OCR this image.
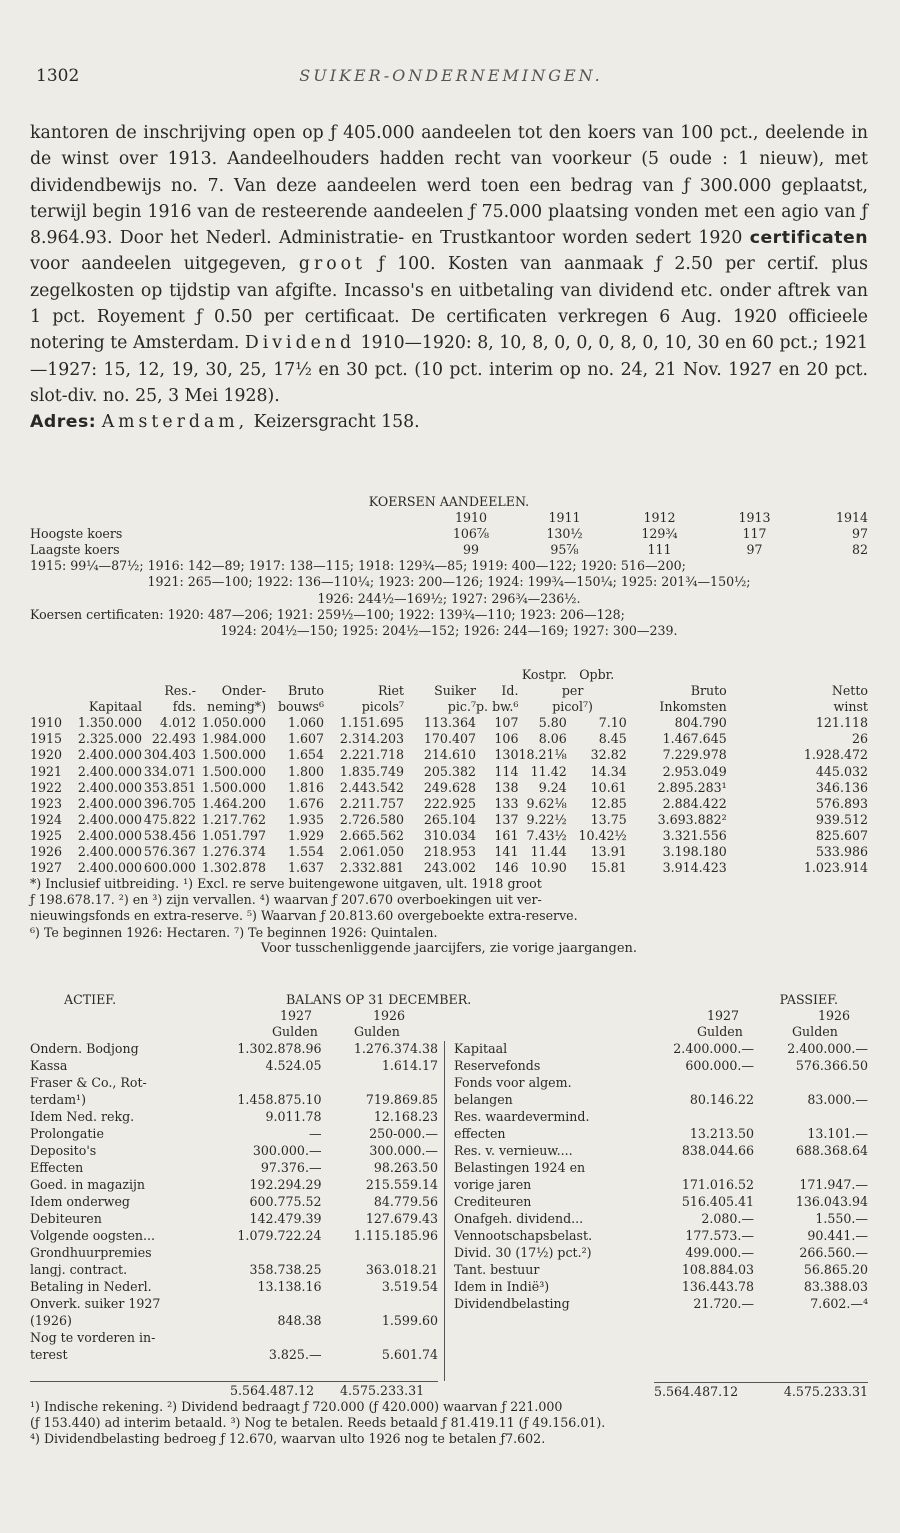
1302	SUIKER-ONDERNEMINGEN.
kantoren de inschrijving open op ƒ 405.000 aandeelen tot den koers van 100 pct., deelende in de winst over 1913. Aandeelhouders hadden recht van voorkeur (5 oude : 1 nieuw), met dividendbewijs no. 7. Van deze aandeelen werd toen een bedrag van ƒ 300.000 geplaatst, terwijl begin 1916 van de resteerende aandeelen ƒ 75.000 plaatsing vonden met een agio van ƒ 8.964.93. Door het Nederl. Administratie- en Trustkantoor worden sedert 1920 certificaten voor aandeelen uitgegeven, groot ƒ 100. Kosten van aanmaak ƒ 2.50 per certif. plus zegelkosten op tijdstip van afgifte. Incasso's en uitbetaling van dividend etc. onder aftrek van 1 pct. Royement ƒ 0.50 per certificaat. De certificaten verkregen 6 Aug. 1920 officieele notering te Amsterdam. Dividend 1910—1920: 8, 10, 8, 0, 0, 0, 8, 0, 10, 30 en 60 pct.; 1921—1927: 15, 12, 19, 30, 25, 17½ en 30 pct. (10 pct. interim op no. 24, 21 Nov. 1927 en 20 pct. slot-div. no. 25, 3 Mei 1928).
Adres: Amsterdam, Keizersgracht 158.
KOERSEN AANDEELEN.
	1910	1911	1912	1913	1914
Hoogste koers	106⅞	130½	129¾	117	97
Laagste koers	99	95⅞	111	97	82
1915: 99¼—87½; 1916: 142—89; 1917: 138—115; 1918: 129¾—85; 1919: 400—122; 1920: 516—200;
1921: 265—100; 1922: 136—110¼; 1923: 200—126; 1924: 199¾—150¼; 1925: 201¾—150½;
1926: 244½—169½; 1927: 296¾—236½.
Koersen certificaten: 1920: 487—206; 1921: 259½—100; 1922: 139¾—110; 1923: 206—128;
1924: 204½—150; 1925: 204½—152; 1926: 244—169; 1927: 300—239.
							Kostpr.		Opbr.		
		Res.-	Onder-	Bruto	Riet	Suiker	Id.	per		Bruto	Netto
	Kapitaal	fds.	neming*)	bouws⁶	picols⁷	pic.⁷	p. bw.⁶	picol⁷)		Inkomsten	winst
1910	1.350.000	4.012	1.050.000	1.060	1.151.695	113.364	107	5.80	7.10	804.790	121.118
1915	2.325.000	22.493	1.984.000	1.607	2.314.203	170.407	106	8.06	8.45	1.467.645	26
1920	2.400.000	304.403	1.500.000	1.654	2.221.718	214.610	130	18.21⅛	32.82	7.229.978	1.928.472
1921	2.400.000	334.071	1.500.000	1.800	1.835.749	205.382	114	11.42	14.34	2.953.049	445.032
1922	2.400.000	353.851	1.500.000	1.816	2.443.542	249.628	138	9.24	10.61	2.895.283¹	346.136
1923	2.400.000	396.705	1.464.200	1.676	2.211.757	222.925	133	9.62⅛	12.85	2.884.422	576.893
1924	2.400.000	475.822	1.217.762	1.935	2.726.580	265.104	137	9.22½	13.75	3.693.882²	939.512
1925	2.400.000	538.456	1.051.797	1.929	2.665.562	310.034	161	7.43½	10.42½	3.321.556	825.607
1926	2.400.000	576.367	1.276.374	1.554	2.061.050	218.953	141	11.44	13.91	3.198.180	533.986
1927	2.400.000	600.000	1.302.878	1.637	2.332.881	243.002	146	10.90	15.81	3.914.423	1.023.914
*) Inclusief uitbreiding. ¹) Excl. re serve buitengewone uitgaven, ult. 1918 groot
ƒ 198.678.17. ²) en ³) zijn vervallen. ⁴) waarvan ƒ 207.670 overboekingen uit ver-
nieuwingsfonds en extra-reserve. ⁵) Waarvan ƒ 20.813.60 overgeboekte extra-reserve.
⁶) Te beginnen 1926: Hectaren. ⁷) Te beginnen 1926: Quintalen.
Voor tusschenliggende jaarcijfers, zie vorige jaargangen.
ACTIEF.	BALANS OP 31 DECEMBER.	PASSIEF.
1927	1926	1927	1926
Gulden	Gulden	Gulden	Gulden
Ondern. Bodjong	1.302.878.96	1.276.374.38
Kassa	4.524.05	1.614.17
Fraser & Co., Rot-		
terdam¹)	1.458.875.10	719.869.85
Idem Ned. rekg.	9.011.78	12.168.23
Prolongatie	—	250-000.—
Deposito's	300.000.—	300.000.—
Effecten	97.376.—	98.263.50
Goed. in magazijn	192.294.29	215.559.14
Idem onderweg	600.775.52	84.779.56
Debiteuren	142.479.39	127.679.43
Volgende oogsten...	1.079.722.24	1.115.185.96
Grondhuurpremies		
langj. contract.	358.738.25	363.018.21
Betaling in Nederl.	13.138.16	3.519.54
Onverk. suiker 1927		
(1926)	848.38	1.599.60
Nog te vorderen in-		
terest	3.825.—	5.601.74
Kapitaal	2.400.000.—	2.400.000.—
Reservefonds	600.000.—	576.366.50
Fonds voor algem.		
belangen	80.146.22	83.000.—
Res. waardevermind.		
effecten	13.213.50	13.101.—
Res. v. vernieuw....	838.044.66	688.368.64
Belastingen 1924 en		
vorige jaren	171.016.52	171.947.—
Crediteuren	516.405.41	136.043.94
Onafgeh. dividend...	2.080.—	1.550.—
Vennootschapsbelast.	177.573.—	90.441.—
Divid. 30 (17½) pct.²)	499.000.—	266.560.—
Tant. bestuur	108.884.03	56.865.20
Idem in Indië³)	136.443.78	83.388.03
Dividendbelasting	21.720.—	7.602.—⁴
5.564.487.12 4.575.233.31	5.564.487.12	4.575.233.31
¹) Indische rekening. ²) Dividend bedraagt ƒ 720.000 (ƒ 420.000) waarvan ƒ 221.000
(ƒ 153.440) ad interim betaald. ³) Nog te betalen. Reeds betaald ƒ 81.419.11 (ƒ 49.156.01).
⁴) Dividendbelasting bedroeg ƒ 12.670, waarvan ulto 1926 nog te betalen ƒ7.602.
